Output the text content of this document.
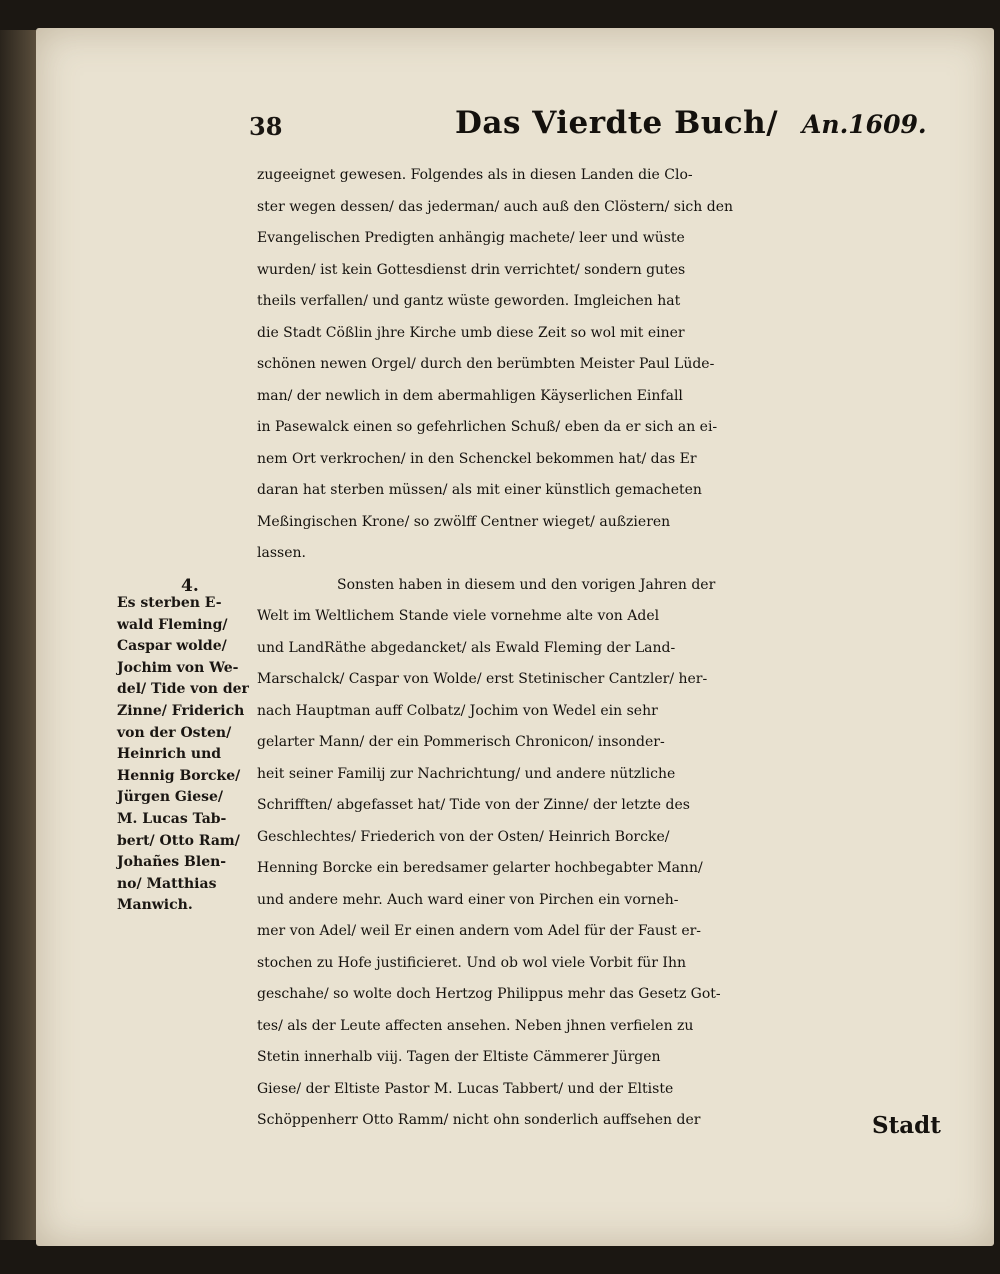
38	Das Vierdte Buch/ An.1609.
zugeeignet gewesen. Folgendes als in diesen Landen die Clo-
ster wegen dessen/ das jederman/ auch auß den Clöstern/ sich den
Evangelischen Predigten anhängig machete/ leer und wüste
wurden/ ist kein Gottesdienst drin verrichtet/ sondern gutes
theils verfallen/ und gantz wüste geworden. Imgleichen hat
die Stadt Cößlin jhre Kirche umb diese Zeit so wol mit einer
schönen newen Orgel/ durch den berümbten Meister Paul Lüde-
man/ der newlich in dem abermahligen Käyserlichen Einfall
in Pasewalck einen so gefehrlichen Schuß/ eben da er sich an ei-
nem Ort verkrochen/ in den Schenckel bekommen hat/ das Er
daran hat sterben müssen/ als mit einer künstlich gemacheten
Meßingischen Krone/ so zwölff Centner wieget/ außzieren
lassen.
Sonsten haben in diesem und den vorigen Jahren der
Welt im Weltlichem Stande viele vornehme alte von Adel
und LandRäthe abgedancket/ als Ewald Fleming der Land-
Marschalck/ Caspar von Wolde/ erst Stetinischer Cantzler/ her-
nach Hauptman auff Colbatz/ Jochim von Wedel ein sehr
gelarter Mann/ der ein Pommerisch Chronicon/ insonder-
heit seiner Familij zur Nachrichtung/ und andere nützliche
Schrifften/ abgefasset hat/ Tide von der Zinne/ der letzte des
Geschlechtes/ Friederich von der Osten/ Heinrich Borcke/
Henning Borcke ein beredsamer gelarter hochbegabter Mann/
und andere mehr. Auch ward einer von Pirchen ein vorneh-
mer von Adel/ weil Er einen andern vom Adel für der Faust er-
stochen zu Hofe justificieret. Und ob wol viele Vorbit für Ihn
geschahe/ so wolte doch Hertzog Philippus mehr das Gesetz Got-
tes/ als der Leute affecten ansehen. Neben jhnen verfielen zu
Stetin innerhalb viij. Tagen der Eltiste Cämmerer Jürgen
Giese/ der Eltiste Pastor M. Lucas Tabbert/ und der Eltiste
Schöppenherr Otto Ramm/ nicht ohn sonderlich auffsehen der
4.
Es sterben E-
wald Fleming/
Caspar wolde/
Jochim von We-
del/ Tide von der
Zinne/ Friderich
von der Osten/
Heinrich und
Hennig Borcke/
Jürgen Giese/
M. Lucas Tab-
bert/ Otto Ram/
Johañes Blen-
no/ Matthias
Manwich.
Stadt
